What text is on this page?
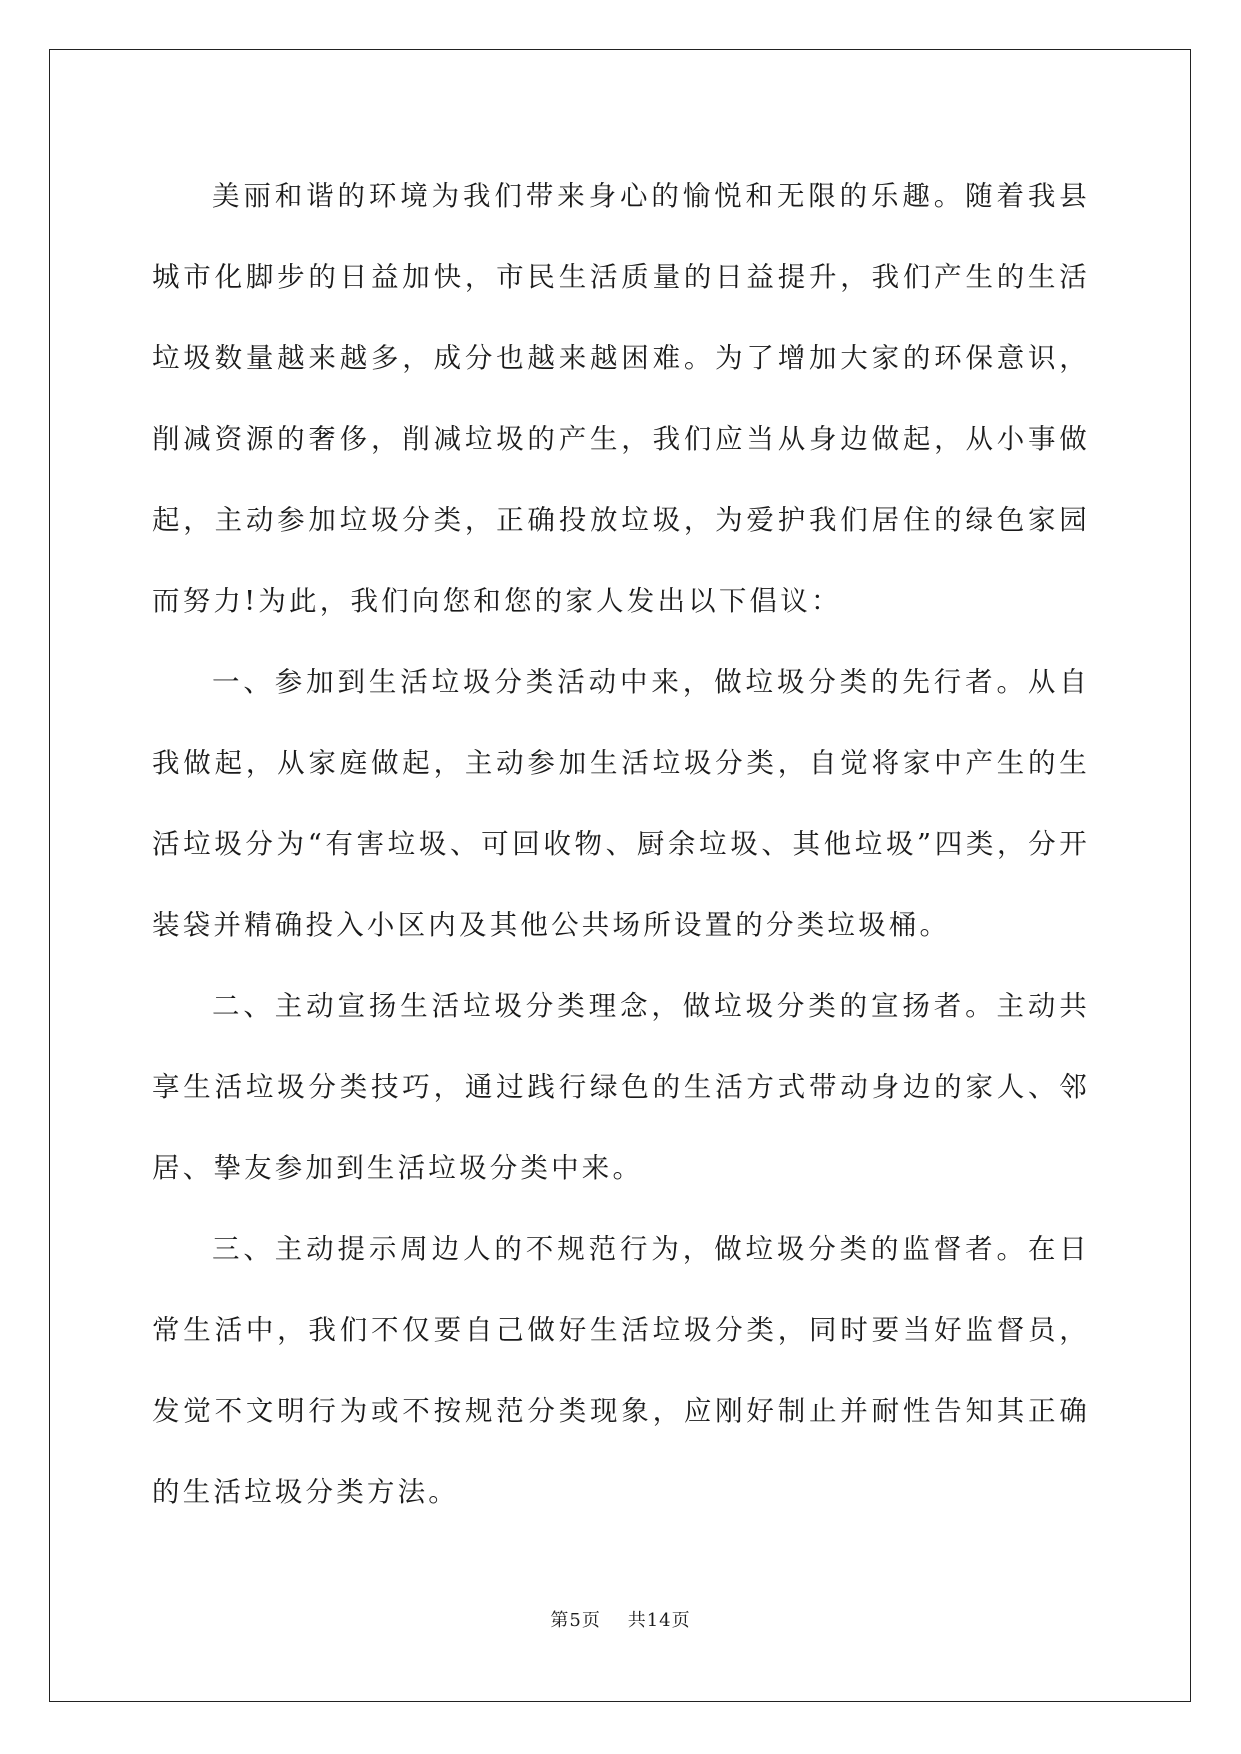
美丽和谐的环境为我们带来身心的愉悦和无限的乐趣。随着我县城市化脚步的日益加快，市民生活质量的日益提升，我们产生的生活垃圾数量越来越多，成分也越来越困难。为了增加大家的环保意识，削减资源的奢侈，削减垃圾的产生，我们应当从身边做起，从小事做起，主动参加垃圾分类，正确投放垃圾，为爱护我们居住的绿色家园而努力!为此，我们向您和您的家人发出以下倡议：

一、参加到生活垃圾分类活动中来，做垃圾分类的先行者。从自我做起，从家庭做起，主动参加生活垃圾分类，自觉将家中产生的生活垃圾分为“有害垃圾、可回收物、厨余垃圾、其他垃圾”四类，分开装袋并精确投入小区内及其他公共场所设置的分类垃圾桶。

二、主动宣扬生活垃圾分类理念，做垃圾分类的宣扬者。主动共享生活垃圾分类技巧，通过践行绿色的生活方式带动身边的家人、邻居、挚友参加到生活垃圾分类中来。

三、主动提示周边人的不规范行为，做垃圾分类的监督者。在日常生活中，我们不仅要自己做好生活垃圾分类，同时要当好监督员，发觉不文明行为或不按规范分类现象，应刚好制止并耐性告知其正确的生活垃圾分类方法。

第5页 共14页
